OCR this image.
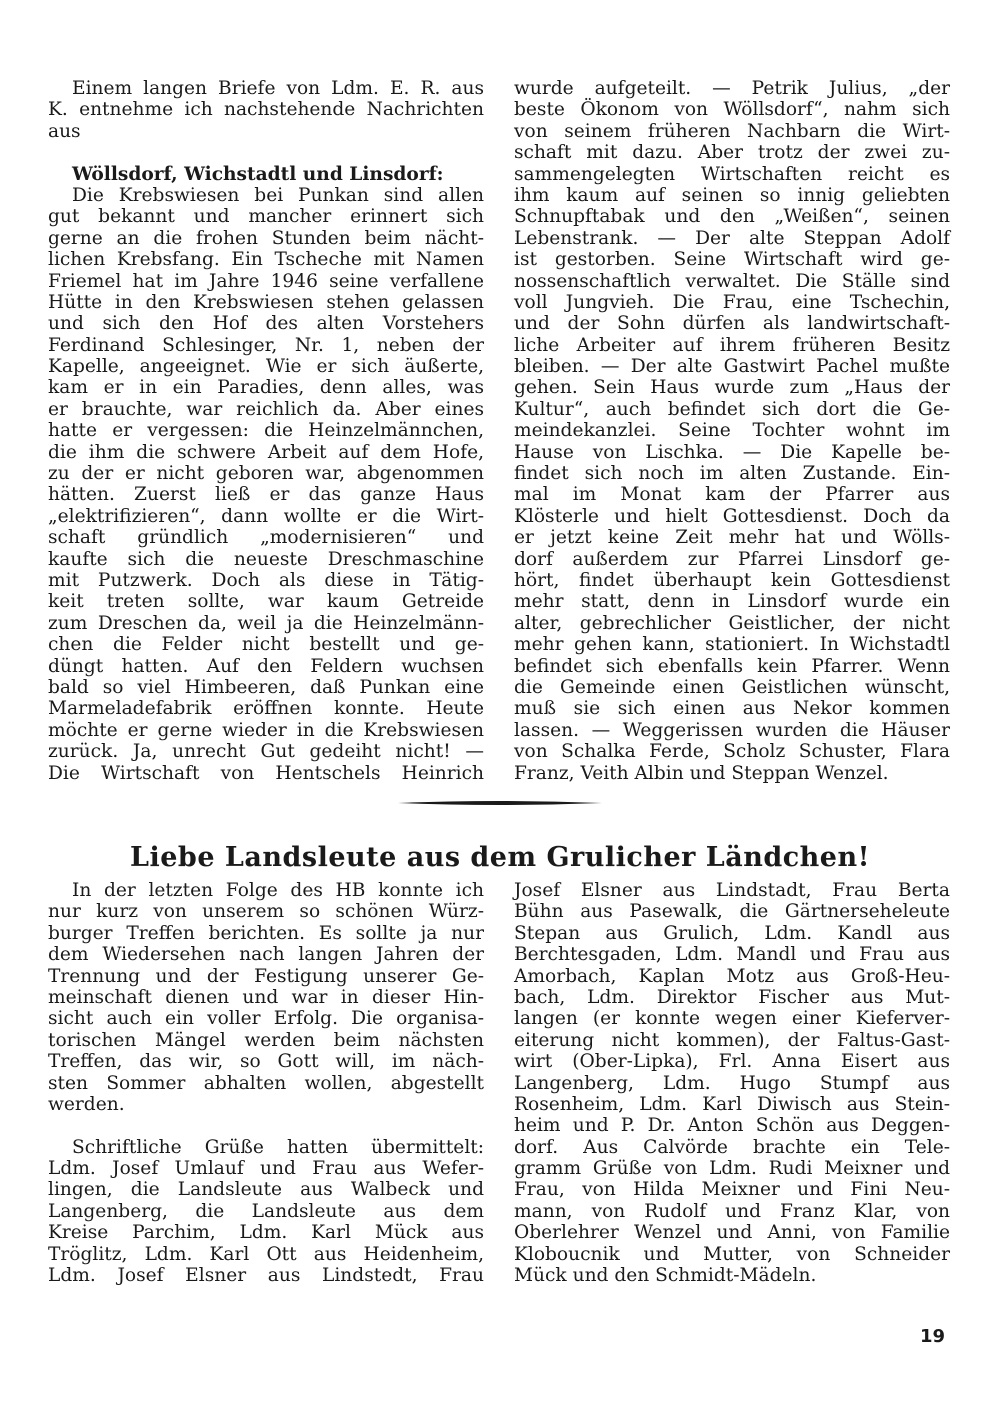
Einem langen Briefe von Ldm. E. R. aus
K. entnehme ich nachstehende Nachrichten
aus
Wöllsdorf, Wichstadtl und Linsdorf:
Die Krebswiesen bei Punkan sind allen
gut bekannt und mancher erinnert sich
gerne an die frohen Stunden beim nächt-
lichen Krebsfang. Ein Tscheche mit Namen
Friemel hat im Jahre 1946 seine verfallene
Hütte in den Krebswiesen stehen gelassen
und sich den Hof des alten Vorstehers
Ferdinand Schlesinger, Nr. 1, neben der
Kapelle, angeeignet. Wie er sich äußerte,
kam er in ein Paradies, denn alles, was
er brauchte, war reichlich da. Aber eines
hatte er vergessen: die Heinzelmännchen,
die ihm die schwere Arbeit auf dem Hofe,
zu der er nicht geboren war, abgenommen
hätten. Zuerst ließ er das ganze Haus
„elektrifizieren“, dann wollte er die Wirt-
schaft gründlich „modernisieren“ und
kaufte sich die neueste Dreschmaschine
mit Putzwerk. Doch als diese in Tätig-
keit treten sollte, war kaum Getreide
zum Dreschen da, weil ja die Heinzelmänn-
chen die Felder nicht bestellt und ge-
düngt hatten. Auf den Feldern wuchsen
bald so viel Himbeeren, daß Punkan eine
Marmeladefabrik eröffnen konnte. Heute
möchte er gerne wieder in die Krebswiesen
zurück. Ja, unrecht Gut gedeiht nicht! —
Die Wirtschaft von Hentschels Heinrich
wurde aufgeteilt. — Petrik Julius, „der
beste Ökonom von Wöllsdorf“, nahm sich
von seinem früheren Nachbarn die Wirt-
schaft mit dazu. Aber trotz der zwei zu-
sammengelegten Wirtschaften reicht es
ihm kaum auf seinen so innig geliebten
Schnupftabak und den „Weißen“, seinen
Lebenstrank. — Der alte Steppan Adolf
ist gestorben. Seine Wirtschaft wird ge-
nossenschaftlich verwaltet. Die Ställe sind
voll Jungvieh. Die Frau, eine Tschechin,
und der Sohn dürfen als landwirtschaft-
liche Arbeiter auf ihrem früheren Besitz
bleiben. — Der alte Gastwirt Pachel mußte
gehen. Sein Haus wurde zum „Haus der
Kultur“, auch befindet sich dort die Ge-
meindekanzlei. Seine Tochter wohnt im
Hause von Lischka. — Die Kapelle be-
findet sich noch im alten Zustande. Ein-
mal im Monat kam der Pfarrer aus
Klösterle und hielt Gottesdienst. Doch da
er jetzt keine Zeit mehr hat und Wölls-
dorf außerdem zur Pfarrei Linsdorf ge-
hört, findet überhaupt kein Gottesdienst
mehr statt, denn in Linsdorf wurde ein
alter, gebrechlicher Geistlicher, der nicht
mehr gehen kann, stationiert. In Wichstadtl
befindet sich ebenfalls kein Pfarrer. Wenn
die Gemeinde einen Geistlichen wünscht,
muß sie sich einen aus Nekor kommen
lassen. — Weggerissen wurden die Häuser
von Schalka Ferde, Scholz Schuster, Flara
Franz, Veith Albin und Steppan Wenzel.
Liebe Landsleute aus dem Grulicher Ländchen!
In der letzten Folge des HB konnte ich
nur kurz von unserem so schönen Würz-
burger Treffen berichten. Es sollte ja nur
dem Wiedersehen nach langen Jahren der
Trennung und der Festigung unserer Ge-
meinschaft dienen und war in dieser Hin-
sicht auch ein voller Erfolg. Die organisa-
torischen Mängel werden beim nächsten
Treffen, das wir, so Gott will, im näch-
sten Sommer abhalten wollen, abgestellt
werden.
Schriftliche Grüße hatten übermittelt:
Ldm. Josef Umlauf und Frau aus Wefer-
lingen, die Landsleute aus Walbeck und
Langenberg, die Landsleute aus dem
Kreise Parchim, Ldm. Karl Mück aus
Tröglitz, Ldm. Karl Ott aus Heidenheim,
Ldm. Josef Elsner aus Lindstedt, Frau
Josef Elsner aus Lindstadt, Frau Berta
Bühn aus Pasewalk, die Gärtnerseheleute
Stepan aus Grulich, Ldm. Kandl aus
Berchtesgaden, Ldm. Mandl und Frau aus
Amorbach, Kaplan Motz aus Groß-Heu-
bach, Ldm. Direktor Fischer aus Mut-
langen (er konnte wegen einer Kieferver-
eiterung nicht kommen), der Faltus-Gast-
wirt (Ober-Lipka), Frl. Anna Eisert aus
Langenberg, Ldm. Hugo Stumpf aus
Rosenheim, Ldm. Karl Diwisch aus Stein-
heim und P. Dr. Anton Schön aus Deggen-
dorf. Aus Calvörde brachte ein Tele-
gramm Grüße von Ldm. Rudi Meixner und
Frau, von Hilda Meixner und Fini Neu-
mann, von Rudolf und Franz Klar, von
Oberlehrer Wenzel und Anni, von Familie
Kloboucnik und Mutter, von Schneider
Mück und den Schmidt-Mädeln.
19
